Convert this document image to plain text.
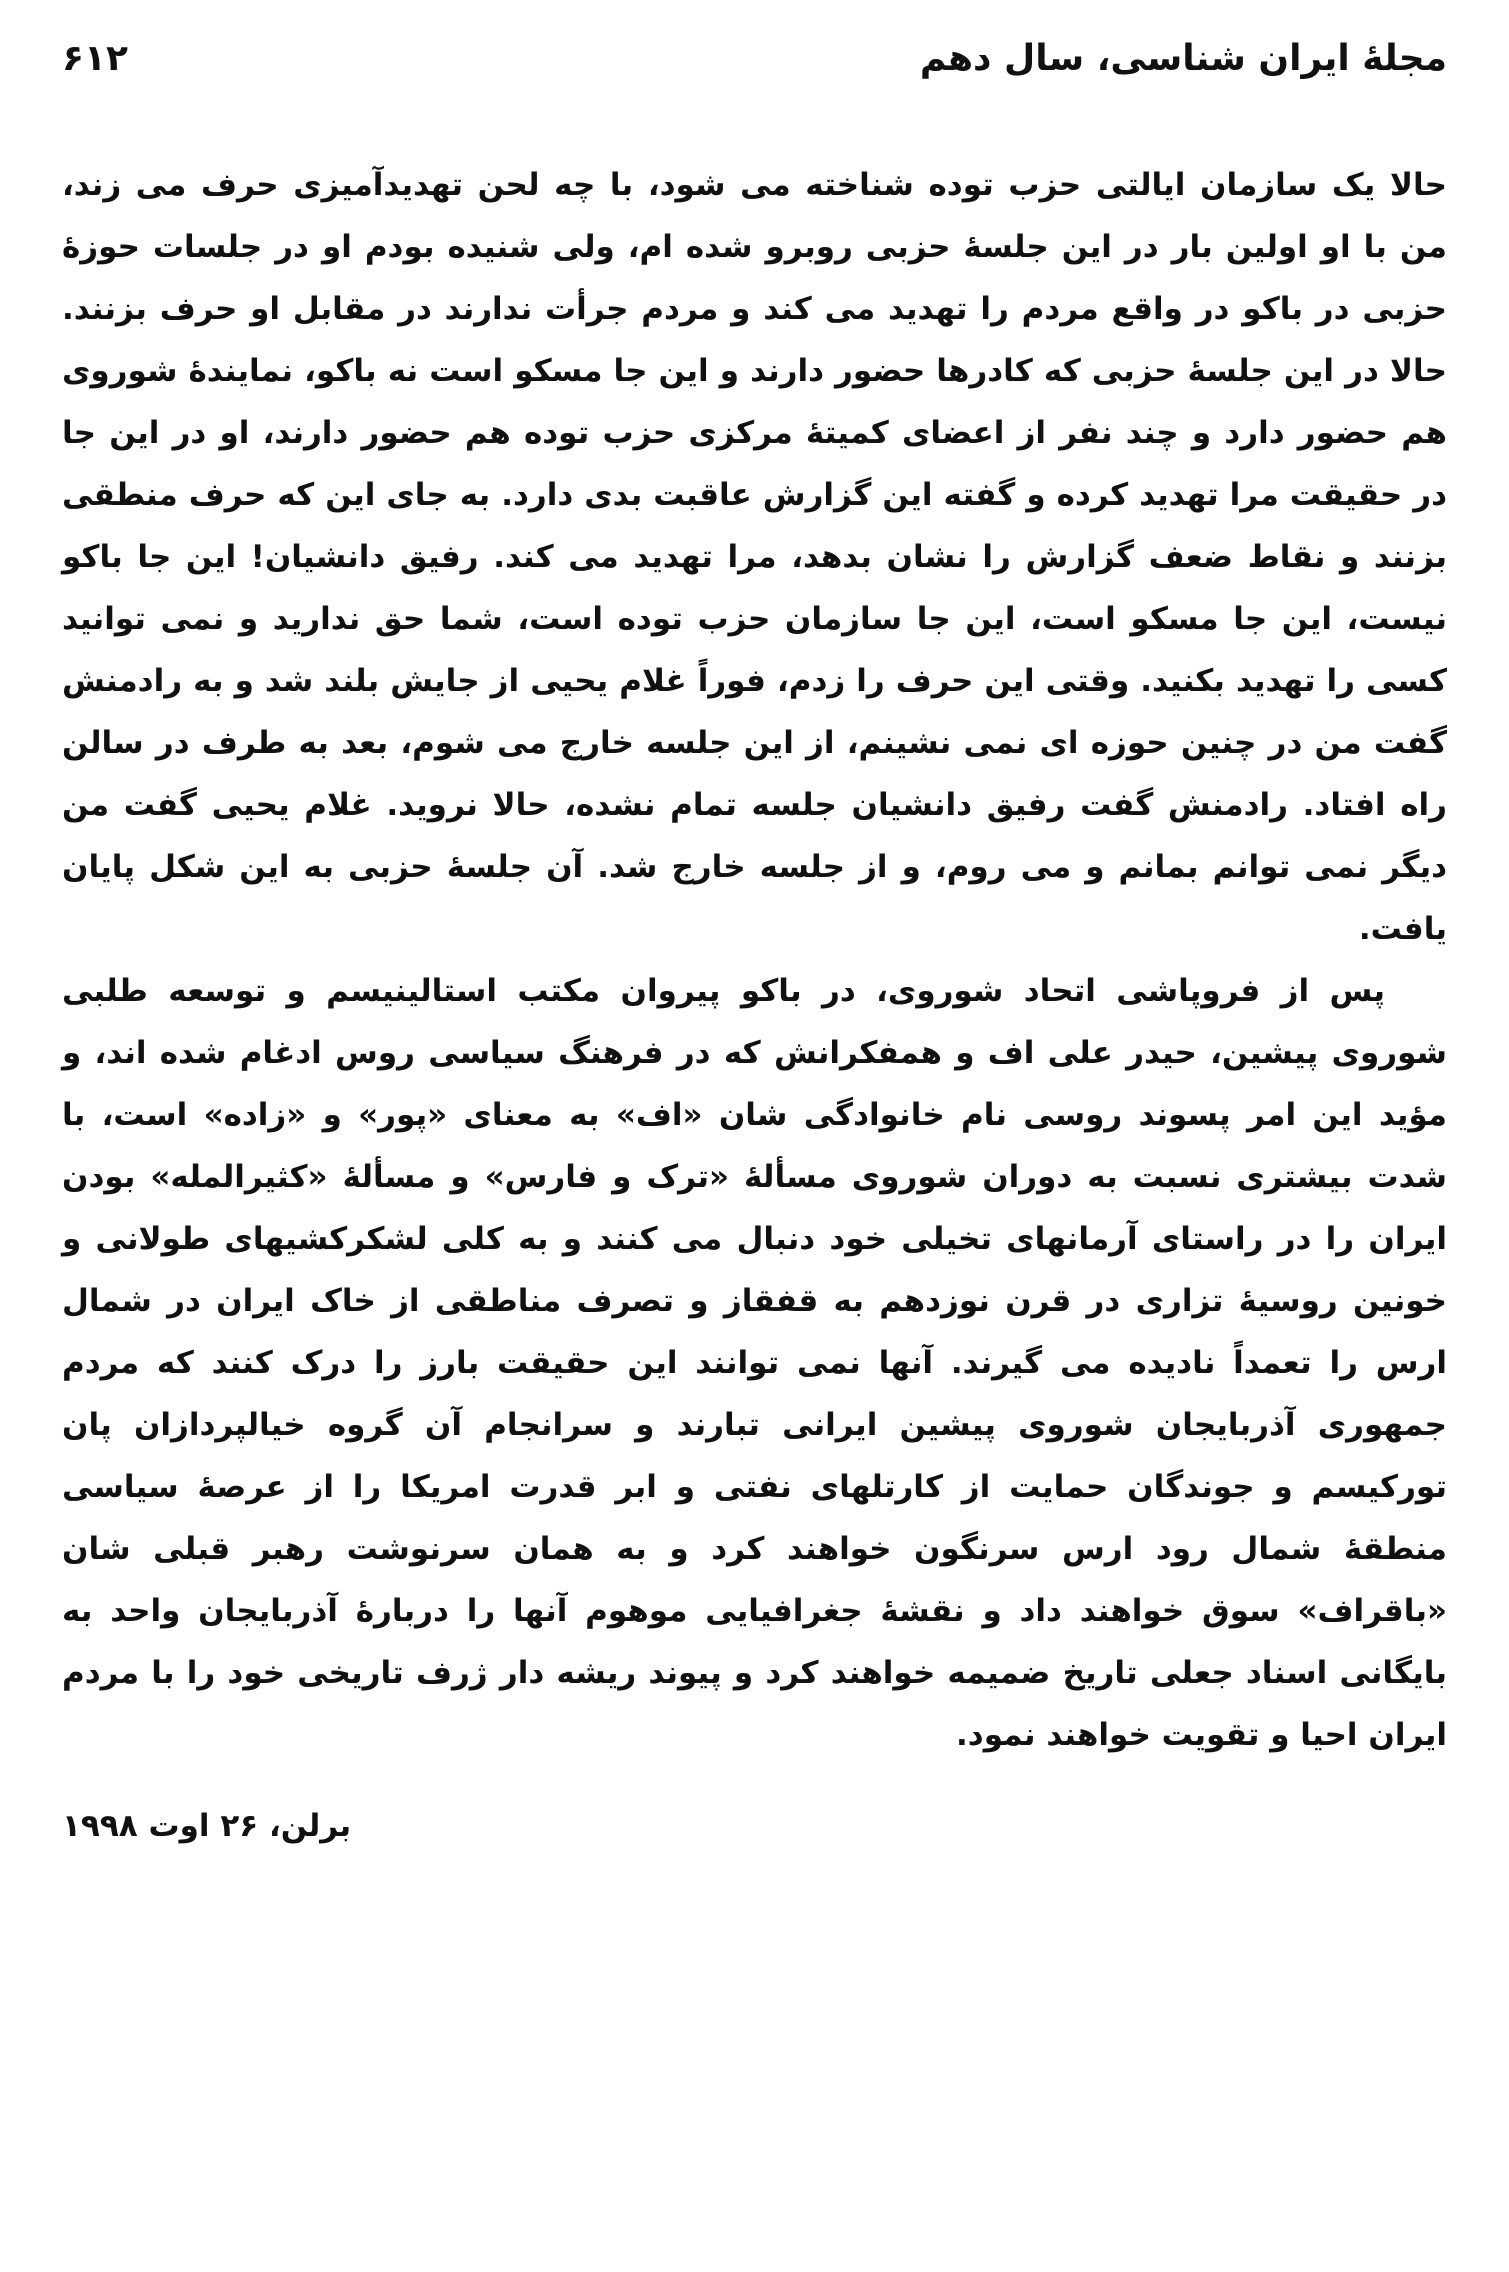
مجلهٔ ایران شناسی، سال دهم
۶۱۲

حالا یک سازمان ایالتی حزب توده شناخته می شود، با چه لحن تهدیدآمیزی حرف می زند، من با او اولین بار در این جلسهٔ حزبی روبرو شده ام، ولی شنیده بودم او در جلسات حوزهٔ حزبی در باکو در واقع مردم را تهدید می کند و مردم جرأت ندارند در مقابل او حرف بزنند. حالا در این جلسهٔ حزبی که کادرها حضور دارند و این جا مسکو است نه باکو، نمایندهٔ شوروی هم حضور دارد و چند نفر از اعضای کمیتهٔ مرکزی حزب توده هم حضور دارند، او در این جا در حقیقت مرا تهدید کرده و گفته این گزارش عاقبت بدی دارد. به جای این که حرف منطقی بزنند و نقاط ضعف گزارش را نشان بدهد، مرا تهدید می کند. رفیق دانشیان! این جا باکو نیست، این جا مسکو است، این جا سازمان حزب توده است، شما حق ندارید و نمی توانید کسی را تهدید بکنید. وقتی این حرف را زدم، فوراً غلام یحیی از جایش بلند شد و به رادمنش گفت من در چنین حوزه ای نمی نشینم، از این جلسه خارج می شوم، بعد به طرف در سالن راه افتاد. رادمنش گفت رفیق دانشیان جلسه تمام نشده، حالا نروید. غلام یحیی گفت من دیگر نمی توانم بمانم و می روم، و از جلسه خارج شد. آن جلسهٔ حزبی به این شکل پایان یافت.

پس از فروپاشی اتحاد شوروی، در باکو پیروان مکتب استالینیسم و توسعه طلبی شوروی پیشین، حیدر علی اف و همفکرانش که در فرهنگ سیاسی روس ادغام شده اند، و مؤید این امر پسوند روسی نام خانوادگی شان «اف» به معنای «پور» و «زاده» است، با شدت بیشتری نسبت به دوران شوروی مسألهٔ «ترک و فارس» و مسألهٔ «کثیرالمله» بودن ایران را در راستای آرمانهای تخیلی خود دنبال می کنند و به کلی لشکرکشیهای طولانی و خونین روسیهٔ تزاری در قرن نوزدهم به قفقاز و تصرف مناطقی از خاک ایران در شمال ارس را تعمداً نادیده می گیرند. آنها نمی توانند این حقیقت بارز را درک کنند که مردم جمهوری آذربایجان شوروی پیشین ایرانی تبارند و سرانجام آن گروه خیالپردازان پان تورکیسم و جوندگان حمایت از کارتلهای نفتی و ابر قدرت امریکا را از عرصهٔ سیاسی منطقهٔ شمال رود ارس سرنگون خواهند کرد و به همان سرنوشت رهبر قبلی شان «باقراف» سوق خواهند داد و نقشهٔ جغرافیایی موهوم آنها را دربارهٔ آذربایجان واحد به بایگانی اسناد جعلی تاریخ ضمیمه خواهند کرد و پیوند ریشه دار ژرف تاریخی خود را با مردم ایران احیا و تقویت خواهند نمود.

برلن، ۲۶ اوت ۱۹۹۸
